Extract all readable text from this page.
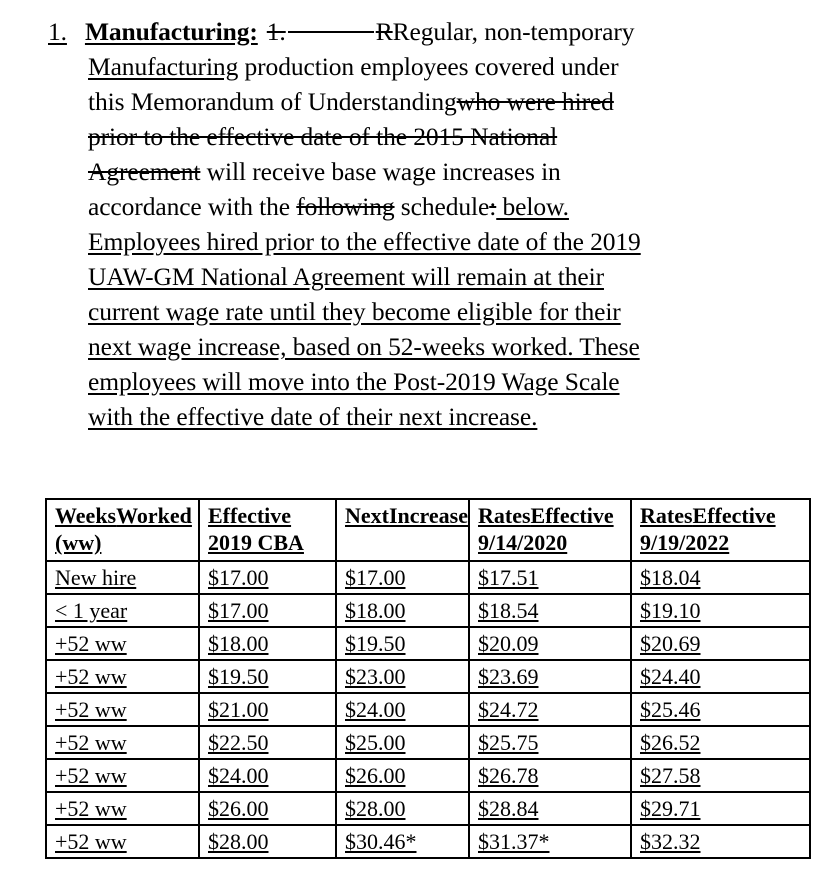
1. Manufacturing: 1.	RRegular, non-temporary
Manufacturing production employees covered under
this Memorandum of Understandingwho were hired
prior to the effective date of the 2015 National
Agreement will receive base wage increases in
accordance with the following schedule: below.
Employees hired prior to the effective date of the 2019
UAW-GM National Agreement will remain at their
current wage rate until they become eligible for their
next wage increase, based on 52-weeks worked. These
employees will move into the Post-2019 Wage Scale
with the effective date of their next increase.
WeeksWorked(ww)	Effective2019 CBA	NextIncrease	RatesEffective9/14/2020	RatesEffective9/19/2022
New hire	$17.00	$17.00	$17.51	$18.04
< 1 year	$17.00	$18.00	$18.54	$19.10
+52 ww	$18.00	$19.50	$20.09	$20.69
+52 ww	$19.50	$23.00	$23.69	$24.40
+52 ww	$21.00	$24.00	$24.72	$25.46
+52 ww	$22.50	$25.00	$25.75	$26.52
+52 ww	$24.00	$26.00	$26.78	$27.58
+52 ww	$26.00	$28.00	$28.84	$29.71
+52 ww	$28.00	$30.46*	$31.37*	$32.32
